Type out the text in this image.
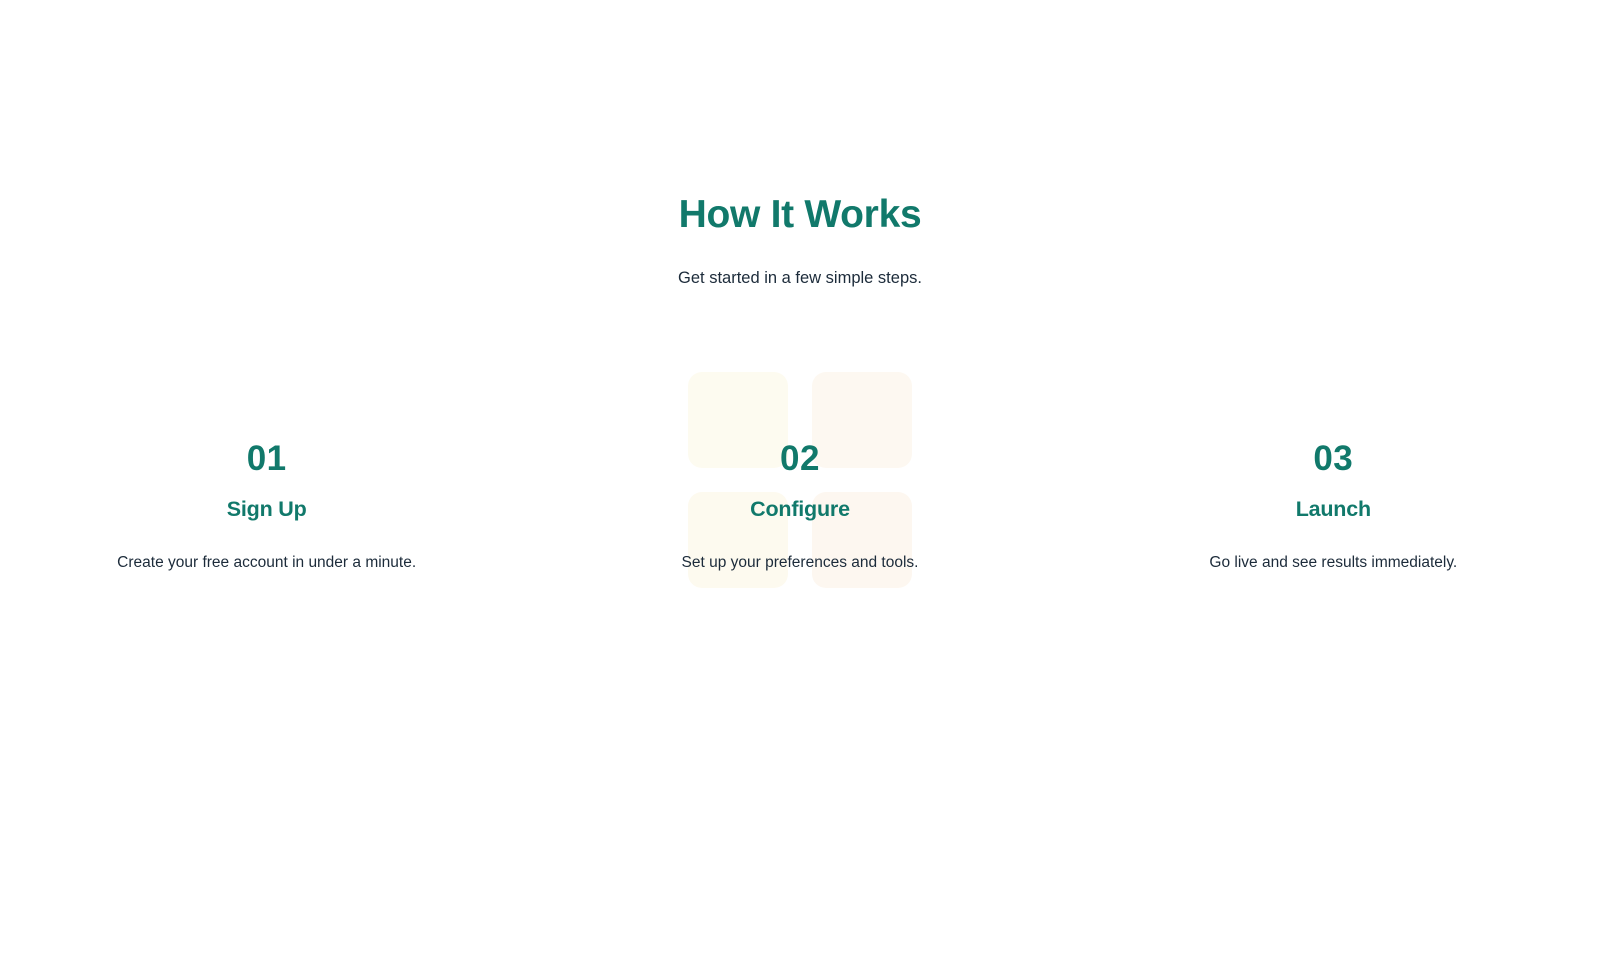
How It Works

Get started in a few simple steps.

01
Sign Up
Create your free account in under a minute.
02
Configure
Set up your preferences and tools.
03
Launch
Go live and see results immediately.
